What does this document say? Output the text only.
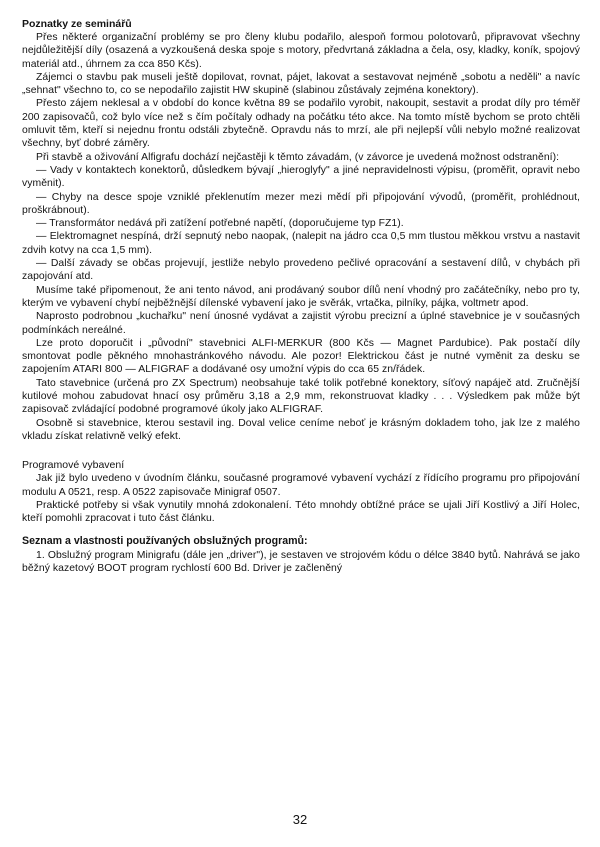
Poznatky ze seminářů

Přes některé organizační problémy se pro členy klubu podařilo, alespoň formou polotovarů, připravovat všechny nejdůležitější díly (osazená a vyzkoušená deska spoje s motory, předvrtaná základna a čela, osy, kladky, koník, spojový materiál atd., úhrnem za cca 850 Kčs).

Zájemci o stavbu pak museli ještě dopilovat, rovnat, pájet, lakovat a sestavovat nejméně „sobotu a neděli" a navíc „sehnat" všechno to, co se nepodařilo zajistit HW skupině (slabinou zůstávaly zejména konektory).

Přesto zájem neklesal a v období do konce května 89 se podařilo vyrobit, nakoupit, sestavit a prodat díly pro téměř 200 zapisovačů, což bylo více než s čím počítaly odhady na počátku této akce. Na tomto místě bychom se proto chtěli omluvit těm, kteří si nejednu frontu odstáli zbytečně. Opravdu nás to mrzí, ale při nejlepší vůli nebylo možné realizovat všechny, byť dobré záměry.

Při stavbě a oživování Alfigrafu dochází nejčastěji k těmto závadám, (v závorce je uvedená možnost odstranění):

— Vady v kontaktech konektorů, důsledkem bývají „hieroglyfy" a jiné nepravidelnosti výpisu, (proměřit, opravit nebo vyměnit).

— Chyby na desce spoje vzniklé překlenutím mezer mezi mědí při připojování vývodů, (proměřit, prohlédnout, proškrábnout).

— Transformátor nedává při zatížení potřebné napětí, (doporučujeme typ FZ1).

— Elektromagnet nespíná, drží sepnutý nebo naopak, (nalepit na jádro cca 0,5 mm tlustou měkkou vrstvu a nastavit zdvih kotvy na cca 1,5 mm).

— Další závady se občas projevují, jestliže nebylo provedeno pečlivé opracování a sestavení dílů, v chybách při zapojování atd.

Musíme také připomenout, že ani tento návod, ani prodávaný soubor dílů není vhodný pro začátečníky, nebo pro ty, kterým ve vybavení chybí nejběžnější dílenské vybavení jako je svěrák, vrtačka, pilníky, pájka, voltmetr apod.

Naprosto podrobnou „kuchařku" není únosné vydávat a zajistit výrobu precizní a úplné stavebnice je v současných podmínkách nereálné.

Lze proto doporučit i „původní" stavebnici ALFI-MERKUR (800 Kčs — Magnet Pardubice). Pak postačí díly smontovat podle pěkného mnohastránkového návodu. Ale pozor! Elektrickou část je nutné vyměnit za desku se zapojením ATARI 800 — ALFIGRAF a dodávané osy umožní výpis do cca 65 zn/řádek.

Tato stavebnice (určená pro ZX Spectrum) neobsahuje také tolik potřebné konektory, síťový napáječ atd. Zručnější kutilové mohou zabudovat hnací osy průměru 3,18 a 2,9 mm, rekonstruovat kladky . . . Výsledkem pak může být zapisovač zvládající podobné programové úkoly jako ALFIGRAF.

Osobně si stavebnice, kterou sestavil ing. Doval velice ceníme neboť je krásným dokladem toho, jak lze z malého vkladu získat relativně velký efekt.

Programové vybavení

Jak již bylo uvedeno v úvodním článku, současné programové vybavení vychází z řídícího programu pro připojování modulu A 0521, resp. A 0522 zapisovače Minigraf 0507.

Praktické potřeby si však vynutily mnohá zdokonalení. Této mnohdy obtížné práce se ujali Jiří Kostlivý a Jiří Holec, kteří pomohli zpracovat i tuto část článku.

Seznam a vlastnosti používaných obslužných programů:

1. Obslužný program Minigrafu (dále jen „driver"), je sestaven ve strojovém kódu o délce 3840 bytů. Nahrává se jako běžný kazetový BOOT program rychlostí 600 Bd. Driver je začleněný

32
